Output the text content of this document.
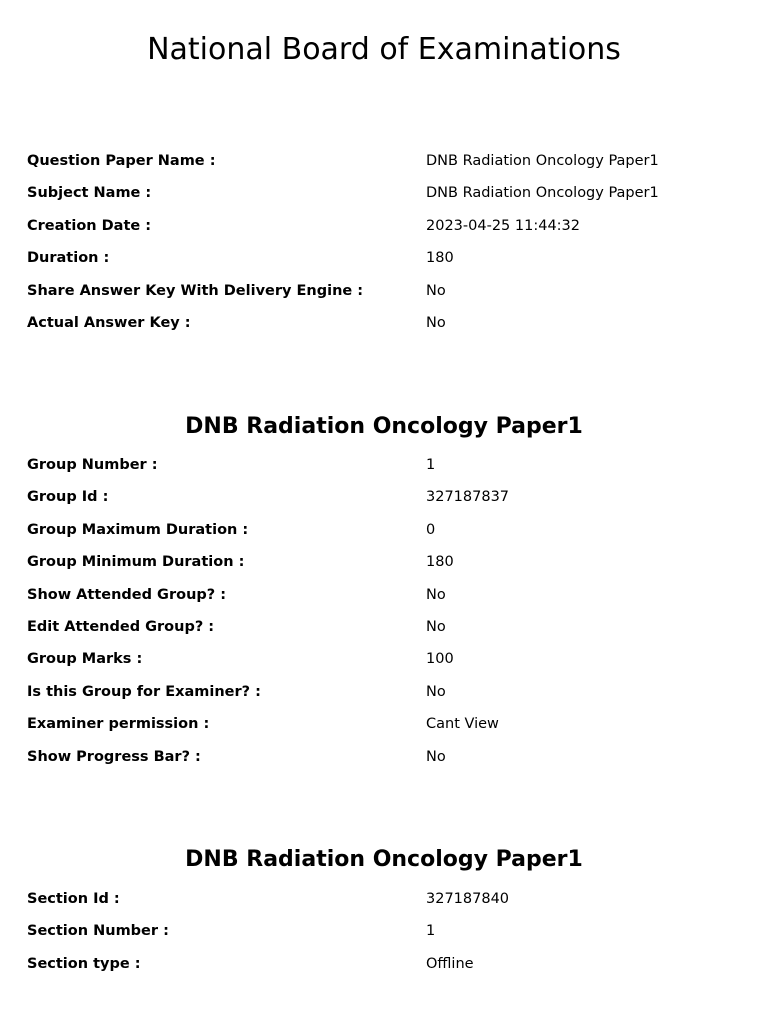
National Board of Examinations
Question Paper Name :	DNB Radiation Oncology Paper1
Subject Name :	DNB Radiation Oncology Paper1
Creation Date :	2023-04-25 11:44:32
Duration :	180
Share Answer Key With Delivery Engine :	No
Actual Answer Key :	No
DNB Radiation Oncology Paper1
Group Number :	1
Group Id :	327187837
Group Maximum Duration :	0
Group Minimum Duration :	180
Show Attended Group? :	No
Edit Attended Group? :	No
Group Marks :	100
Is this Group for Examiner? :	No
Examiner permission :	Cant View
Show Progress Bar? :	No
DNB Radiation Oncology Paper1
Section Id :	327187840
Section Number :	1
Section type :	Offline
